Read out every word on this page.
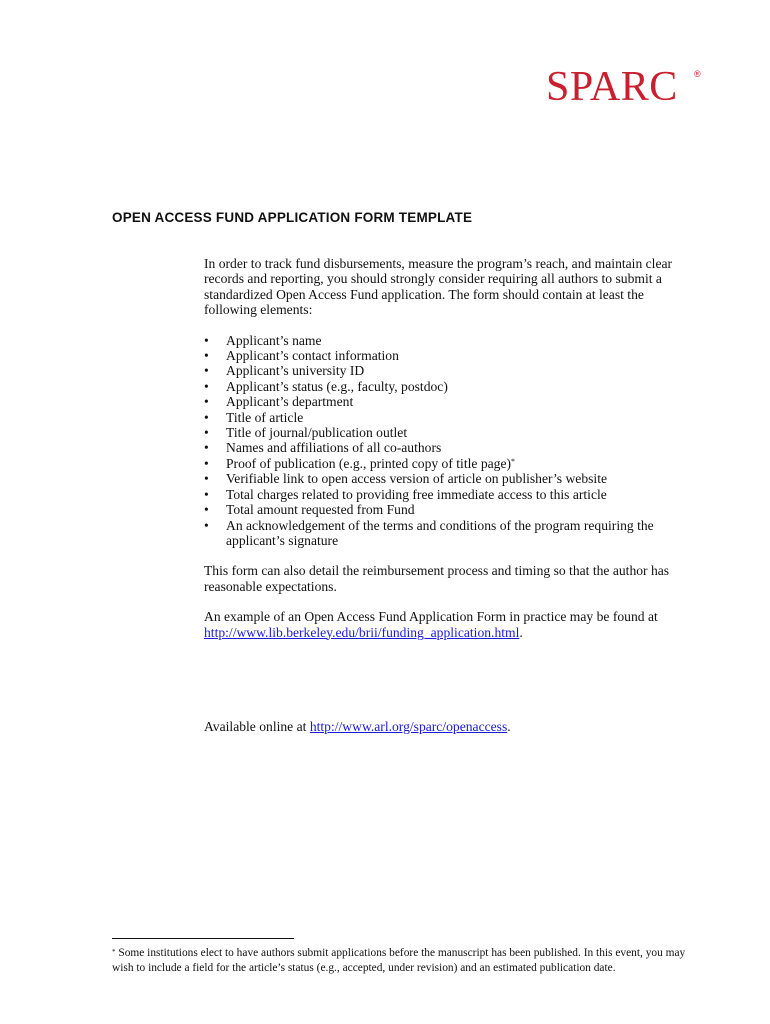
SPARC ®
OPEN ACCESS FUND APPLICATION FORM TEMPLATE

In order to track fund disbursements, measure the program’s reach, and maintain clear records and reporting, you should strongly consider requiring all authors to submit a standardized Open Access Fund application. The form should contain at least the following elements:

• Applicant’s name
• Applicant’s contact information
• Applicant’s university ID
• Applicant’s status (e.g., faculty, postdoc)
• Applicant’s department
• Title of article
• Title of journal/publication outlet
• Names and affiliations of all co-authors
• Proof of publication (e.g., printed copy of title page)*
• Verifiable link to open access version of article on publisher’s website
• Total charges related to providing free immediate access to this article
• Total amount requested from Fund
• An acknowledgement of the terms and conditions of the program requiring the applicant’s signature

This form can also detail the reimbursement process and timing so that the author has reasonable expectations.

An example of an Open Access Fund Application Form in practice may be found at
http://www.lib.berkeley.edu/brii/funding_application.html.

Available online at http://www.arl.org/sparc/openaccess.

* Some institutions elect to have authors submit applications before the manuscript has been published. In this event, you may wish to include a field for the article’s status (e.g., accepted, under revision) and an estimated publication date.
